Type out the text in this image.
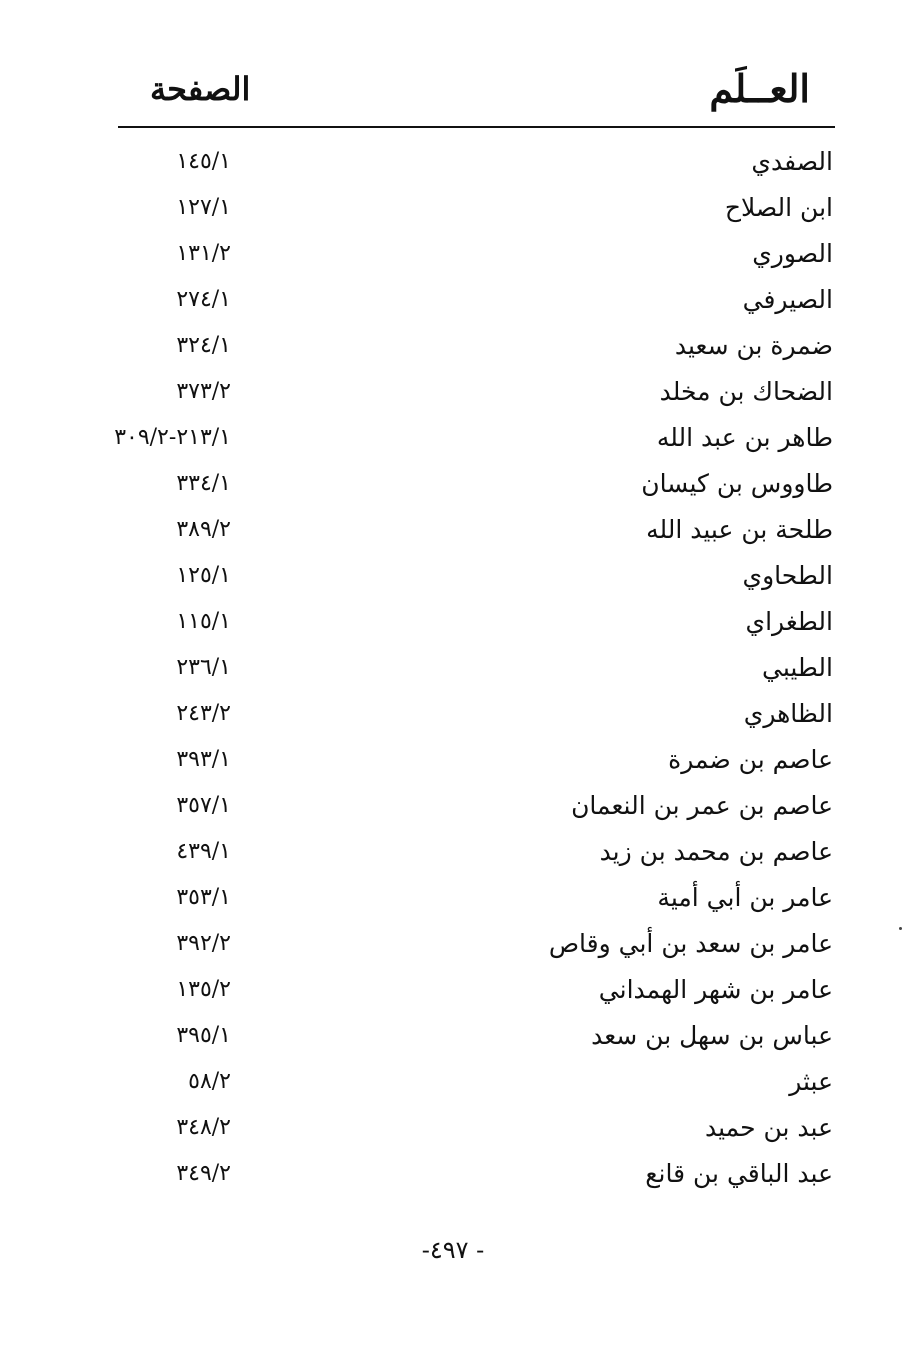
العــلَم
الصفحة
الصفدي
١٤٥/١
ابن الصلاح
١٢٧/١
الصوري
١٣١/٢
الصيرفي
٢٧٤/١
ضمرة بن سعيد
٣٢٤/١
الضحاك بن مخلد
٣٧٣/٢
طاهر بن عبد الله
٢١٣/١-٣٠٩/٢
طاووس بن كيسان
٣٣٤/١
طلحة بن عبيد الله
٣٨٩/٢
الطحاوي
١٢٥/١
الطغراي
١١٥/١
الطيبي
٢٣٦/١
الظاهري
٢٤٣/٢
عاصم بن ضمرة
٣٩٣/١
عاصم بن عمر بن النعمان
٣٥٧/١
عاصم بن محمد بن زيد
٤٣٩/١
عامر بن أبي أمية
٣٥٣/١
عامر بن سعد بن أبي وقاص
٣٩٢/٢
عامر بن شهر الهمداني
١٣٥/٢
عباس بن سهل بن سعد
٣٩٥/١
عبثر
٥٨/٢
عبد بن حميد
٣٤٨/٢
عبد الباقي بن قانع
٣٤٩/٢
- ٤٩٧-
